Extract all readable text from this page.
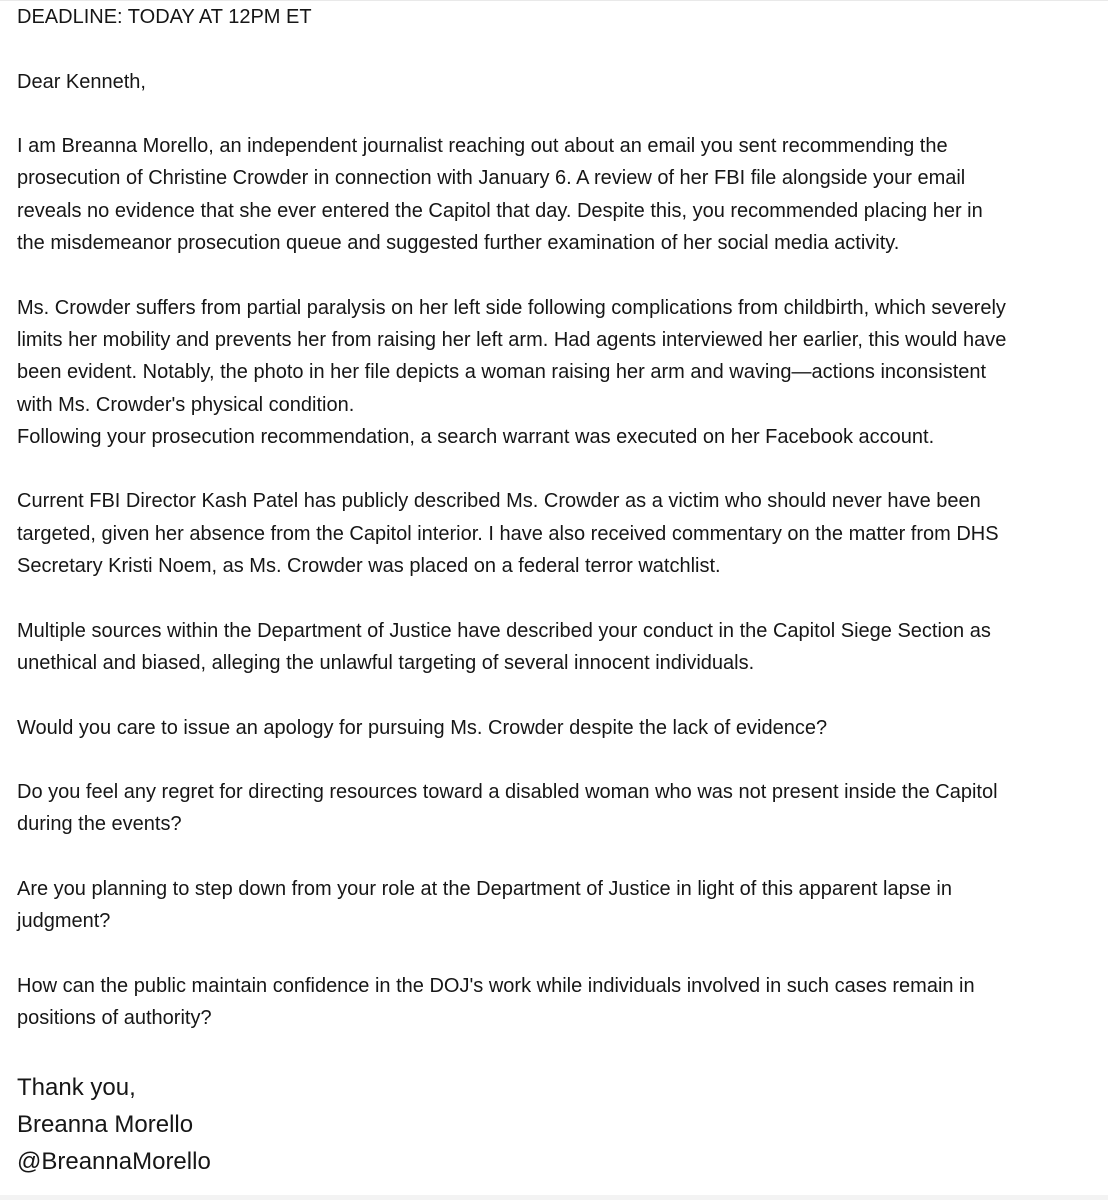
DEADLINE: TODAY AT 12PM ET

Dear Kenneth,

I am Breanna Morello, an independent journalist reaching out about an email you sent recommending the
prosecution of Christine Crowder in connection with January 6. A review of her FBI file alongside your email
reveals no evidence that she ever entered the Capitol that day. Despite this, you recommended placing her in
the misdemeanor prosecution queue and suggested further examination of her social media activity.

Ms. Crowder suffers from partial paralysis on her left side following complications from childbirth, which severely
limits her mobility and prevents her from raising her left arm. Had agents interviewed her earlier, this would have
been evident. Notably, the photo in her file depicts a woman raising her arm and waving—actions inconsistent
with Ms. Crowder's physical condition.
Following your prosecution recommendation, a search warrant was executed on her Facebook account.

Current FBI Director Kash Patel has publicly described Ms. Crowder as a victim who should never have been
targeted, given her absence from the Capitol interior. I have also received commentary on the matter from DHS
Secretary Kristi Noem, as Ms. Crowder was placed on a federal terror watchlist.

Multiple sources within the Department of Justice have described your conduct in the Capitol Siege Section as
unethical and biased, alleging the unlawful targeting of several innocent individuals.

Would you care to issue an apology for pursuing Ms. Crowder despite the lack of evidence?

Do you feel any regret for directing resources toward a disabled woman who was not present inside the Capitol
during the events?

Are you planning to step down from your role at the Department of Justice in light of this apparent lapse in
judgment?

How can the public maintain confidence in the DOJ's work while individuals involved in such cases remain in
positions of authority?

Thank you,
Breanna Morello
@BreannaMorello
